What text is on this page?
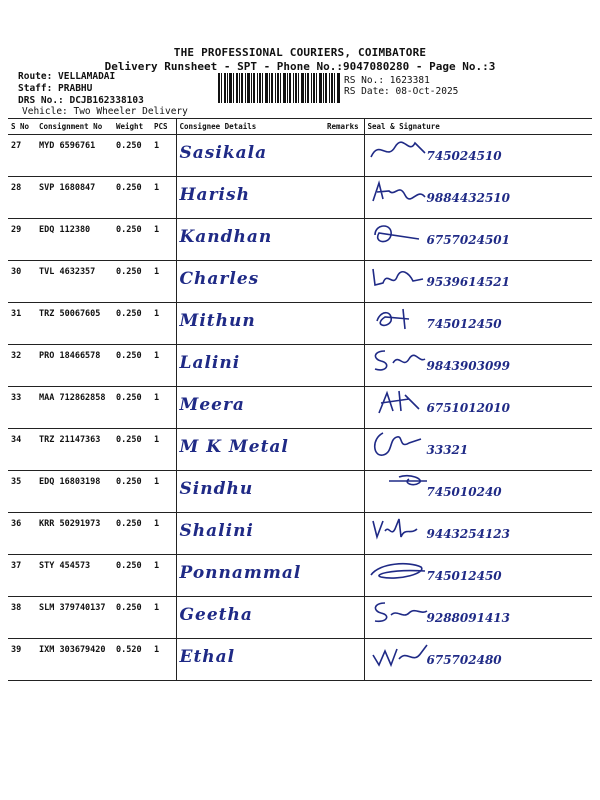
THE PROFESSIONAL COURIERS, COIMBATORE
Delivery Runsheet - SPT - Phone No.:9047080280 - Page No.:3
Route: VELLAMADAI
Staff: PRABHU
DRS No.: DCJB162338103
Vehicle: Two Wheeler Delivery
RS No.: 1623381
RS Date: 08-Oct-2025
S No	Consignment No	Weight	PCS	Consignee Details	Remarks	Seal & Signature
27	MYD 6596761	0.250	1	Sasikala		745024510

28	SVP 1680847	0.250	1	Harish		9884432510

29	EDQ 112380	0.250	1	Kandhan		6757024501

30	TVL 4632357	0.250	1	Charles		9539614521

31	TRZ 50067605	0.250	1	Mithun		745012450

32	PRO 18466578	0.250	1	Lalini		9843903099

33	MAA 712862858	0.250	1	Meera		6751012010

34	TRZ 21147363	0.250	1	M K Metal		33321

35	EDQ 16803198	0.250	1	Sindhu		745010240

36	KRR 50291973	0.250	1	Shalini		9443254123

37	STY 454573	0.250	1	Ponnammal		745012450

38	SLM 379740137	0.250	1	Geetha		9288091413

39	IXM 303679420	0.520	1	Ethal		675702480
